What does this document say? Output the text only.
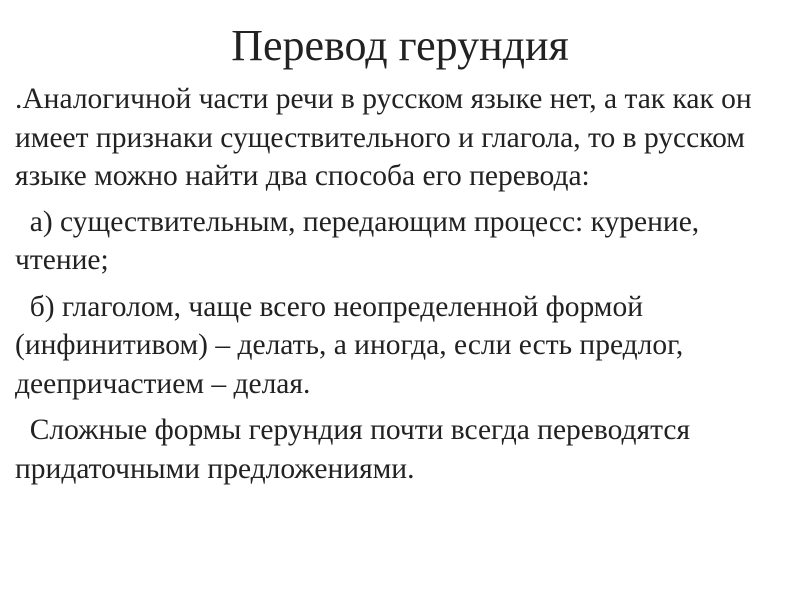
Перевод герундия

.Аналогичной части речи в русском языке нет, а так как он имеет признаки существительного и глагола, то в русском языке можно найти два способа его перевода:

а) существительным, передающим процесс: курение, чтение;

б) глаголом, чаще всего неопределенной формой (инфинитивом) – делать, а иногда, если есть предлог, деепричастием – делая.

Сложные формы герундия почти всегда переводятся придаточными предложениями.
